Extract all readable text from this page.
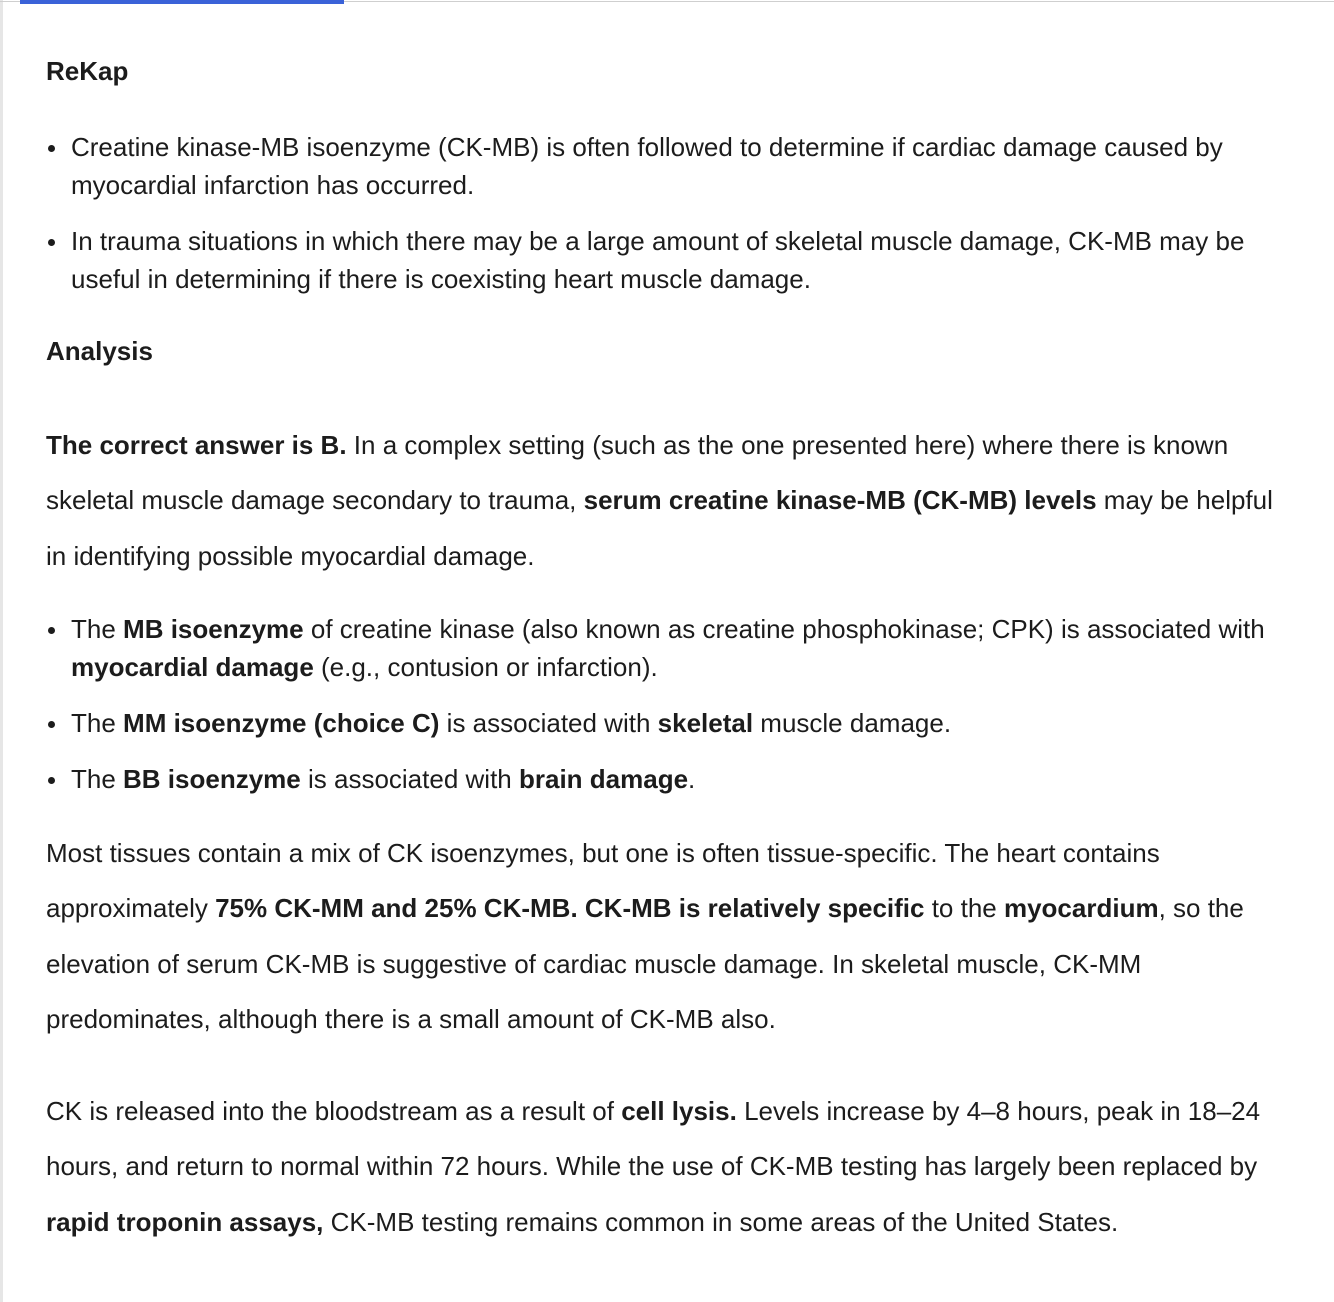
ReKap
Creatine kinase-MB isoenzyme (CK-MB) is often followed to determine if cardiac damage caused by myocardial infarction has occurred.
In trauma situations in which there may be a large amount of skeletal muscle damage, CK-MB may be useful in determining if there is coexisting heart muscle damage.
Analysis

The correct answer is B. In a complex setting (such as the one presented here) where there is known skeletal muscle damage secondary to trauma, serum creatine kinase-MB (CK-MB) levels may be helpful in identifying possible myocardial damage.

The MB isoenzyme of creatine kinase (also known as creatine phosphokinase; CPK) is associated with myocardial damage (e.g., contusion or infarction).
The MM isoenzyme (choice C) is associated with skeletal muscle damage.
The BB isoenzyme is associated with brain damage.

Most tissues contain a mix of CK isoenzymes, but one is often tissue-specific. The heart contains approximately 75% CK-MM and 25% CK-MB. CK-MB is relatively specific to the myocardium, so the elevation of serum CK-MB is suggestive of cardiac muscle damage. In skeletal muscle, CK-MM predominates, although there is a small amount of CK-MB also.

CK is released into the bloodstream as a result of cell lysis. Levels increase by 4–8 hours, peak in 18–24 hours, and return to normal within 72 hours. While the use of CK-MB testing has largely been replaced by rapid troponin assays, CK-MB testing remains common in some areas of the United States.
